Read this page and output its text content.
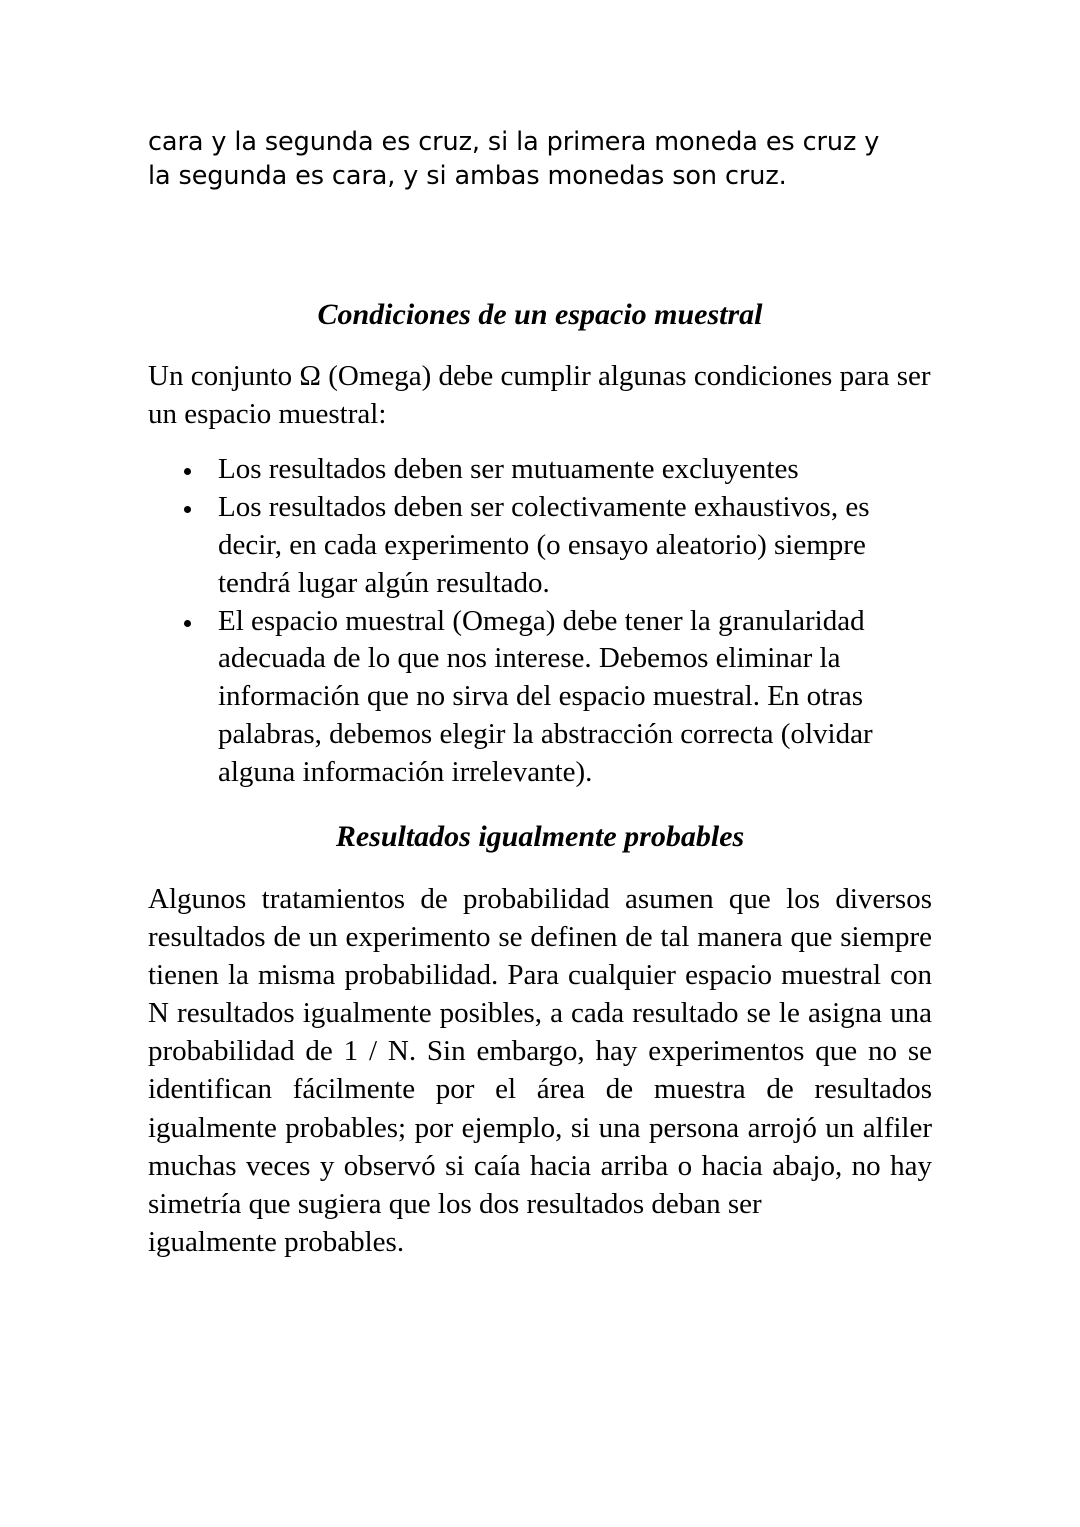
cara y la segunda es cruz, si la primera moneda es cruz y
la segunda es cara, y si ambas monedas son cruz.

Condiciones de un espacio muestral

Un conjunto Ω (Omega) debe cumplir algunas condiciones para ser un espacio muestral:

Los resultados deben ser mutuamente excluyentes
Los resultados deben ser colectivamente exhaustivos, es decir, en cada experimento (o ensayo aleatorio) siempre tendrá lugar algún resultado.
El espacio muestral (Omega) debe tener la granularidad adecuada de lo que nos interese. Debemos eliminar la información que no sirva del espacio muestral. En otras palabras, debemos elegir la abstracción correcta (olvidar alguna información irrelevante).
Resultados igualmente probables

Algunos tratamientos de probabilidad asumen que los diversos resultados de un experimento se definen de tal manera que siempre tienen la misma probabilidad. Para cualquier espacio muestral con N resultados igualmente posibles, a cada resultado se le asigna una probabilidad de 1 / N. Sin embargo, hay experimentos que no se identifican fácilmente por el área de muestra de resultados igualmente probables; por ejemplo, si una persona arrojó un alfiler muchas veces y observó si caía hacia arriba o hacia abajo, no hay simetría que sugiera que los dos resultados deban ser
igualmente probables.
